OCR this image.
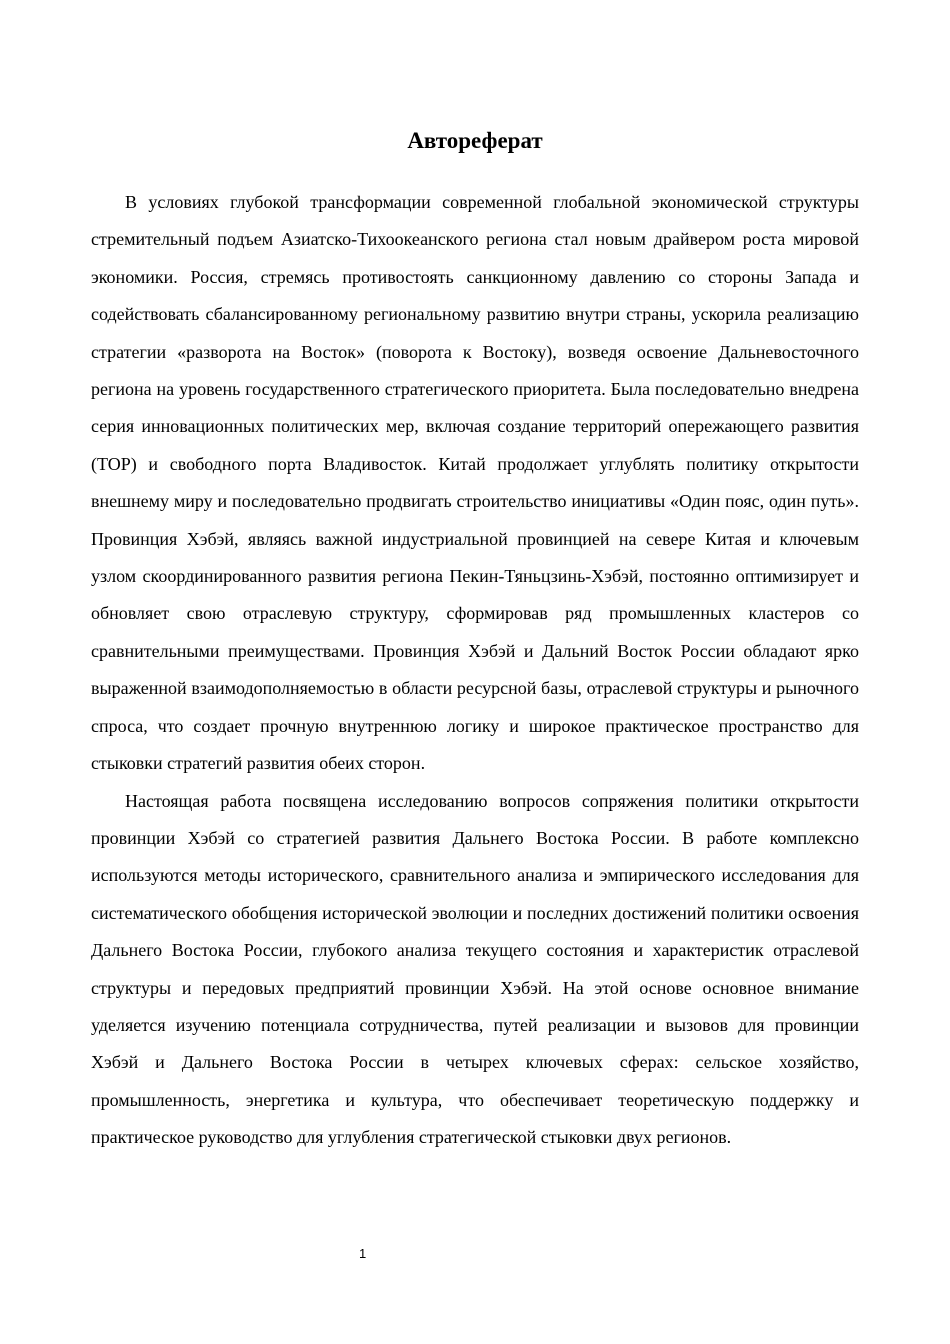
Автореферат

В условиях глубокой трансформации современной глобальной экономической структуры стремительный подъем Азиатско-Тихоокеанского региона стал новым драйвером роста мировой экономики. Россия, стремясь противостоять санкционному давлению со стороны Запада и содействовать сбалансированному региональному развитию внутри страны, ускорила реализацию стратегии «разворота на Восток» (поворота к Востоку), возведя освоение Дальневосточного региона на уровень государственного стратегического приоритета. Была последовательно внедрена серия инновационных политических мер, включая создание территорий опережающего развития (ТОР) и свободного порта Владивосток. Китай продолжает углублять политику открытости внешнему миру и последовательно продвигать строительство инициативы «Один пояс, один путь». Провинция Хэбэй, являясь важной индустриальной провинцией на севере Китая и ключевым узлом скоординированного развития региона Пекин-Тяньцзинь-Хэбэй, постоянно оптимизирует и обновляет свою отраслевую структуру, сформировав ряд промышленных кластеров со сравнительными преимуществами. Провинция Хэбэй и Дальний Восток России обладают ярко выраженной взаимодополняемостью в области ресурсной базы, отраслевой структуры и рыночного спроса, что создает прочную внутреннюю логику и широкое практическое пространство для стыковки стратегий развития обеих сторон.

Настоящая работа посвящена исследованию вопросов сопряжения политики открытости провинции Хэбэй со стратегией развития Дальнего Востока России. В работе комплексно используются методы исторического, сравнительного анализа и эмпирического исследования для систематического обобщения исторической эволюции и последних достижений политики освоения Дальнего Востока России, глубокого анализа текущего состояния и характеристик отраслевой структуры и передовых предприятий провинции Хэбэй. На этой основе основное внимание уделяется изучению потенциала сотрудничества, путей реализации и вызовов для провинции Хэбэй и Дальнего Востока России в четырех ключевых сферах: сельское хозяйство, промышленность, энергетика и культура, что обеспечивает теоретическую поддержку и практическое руководство для углубления стратегической стыковки двух регионов.

1
